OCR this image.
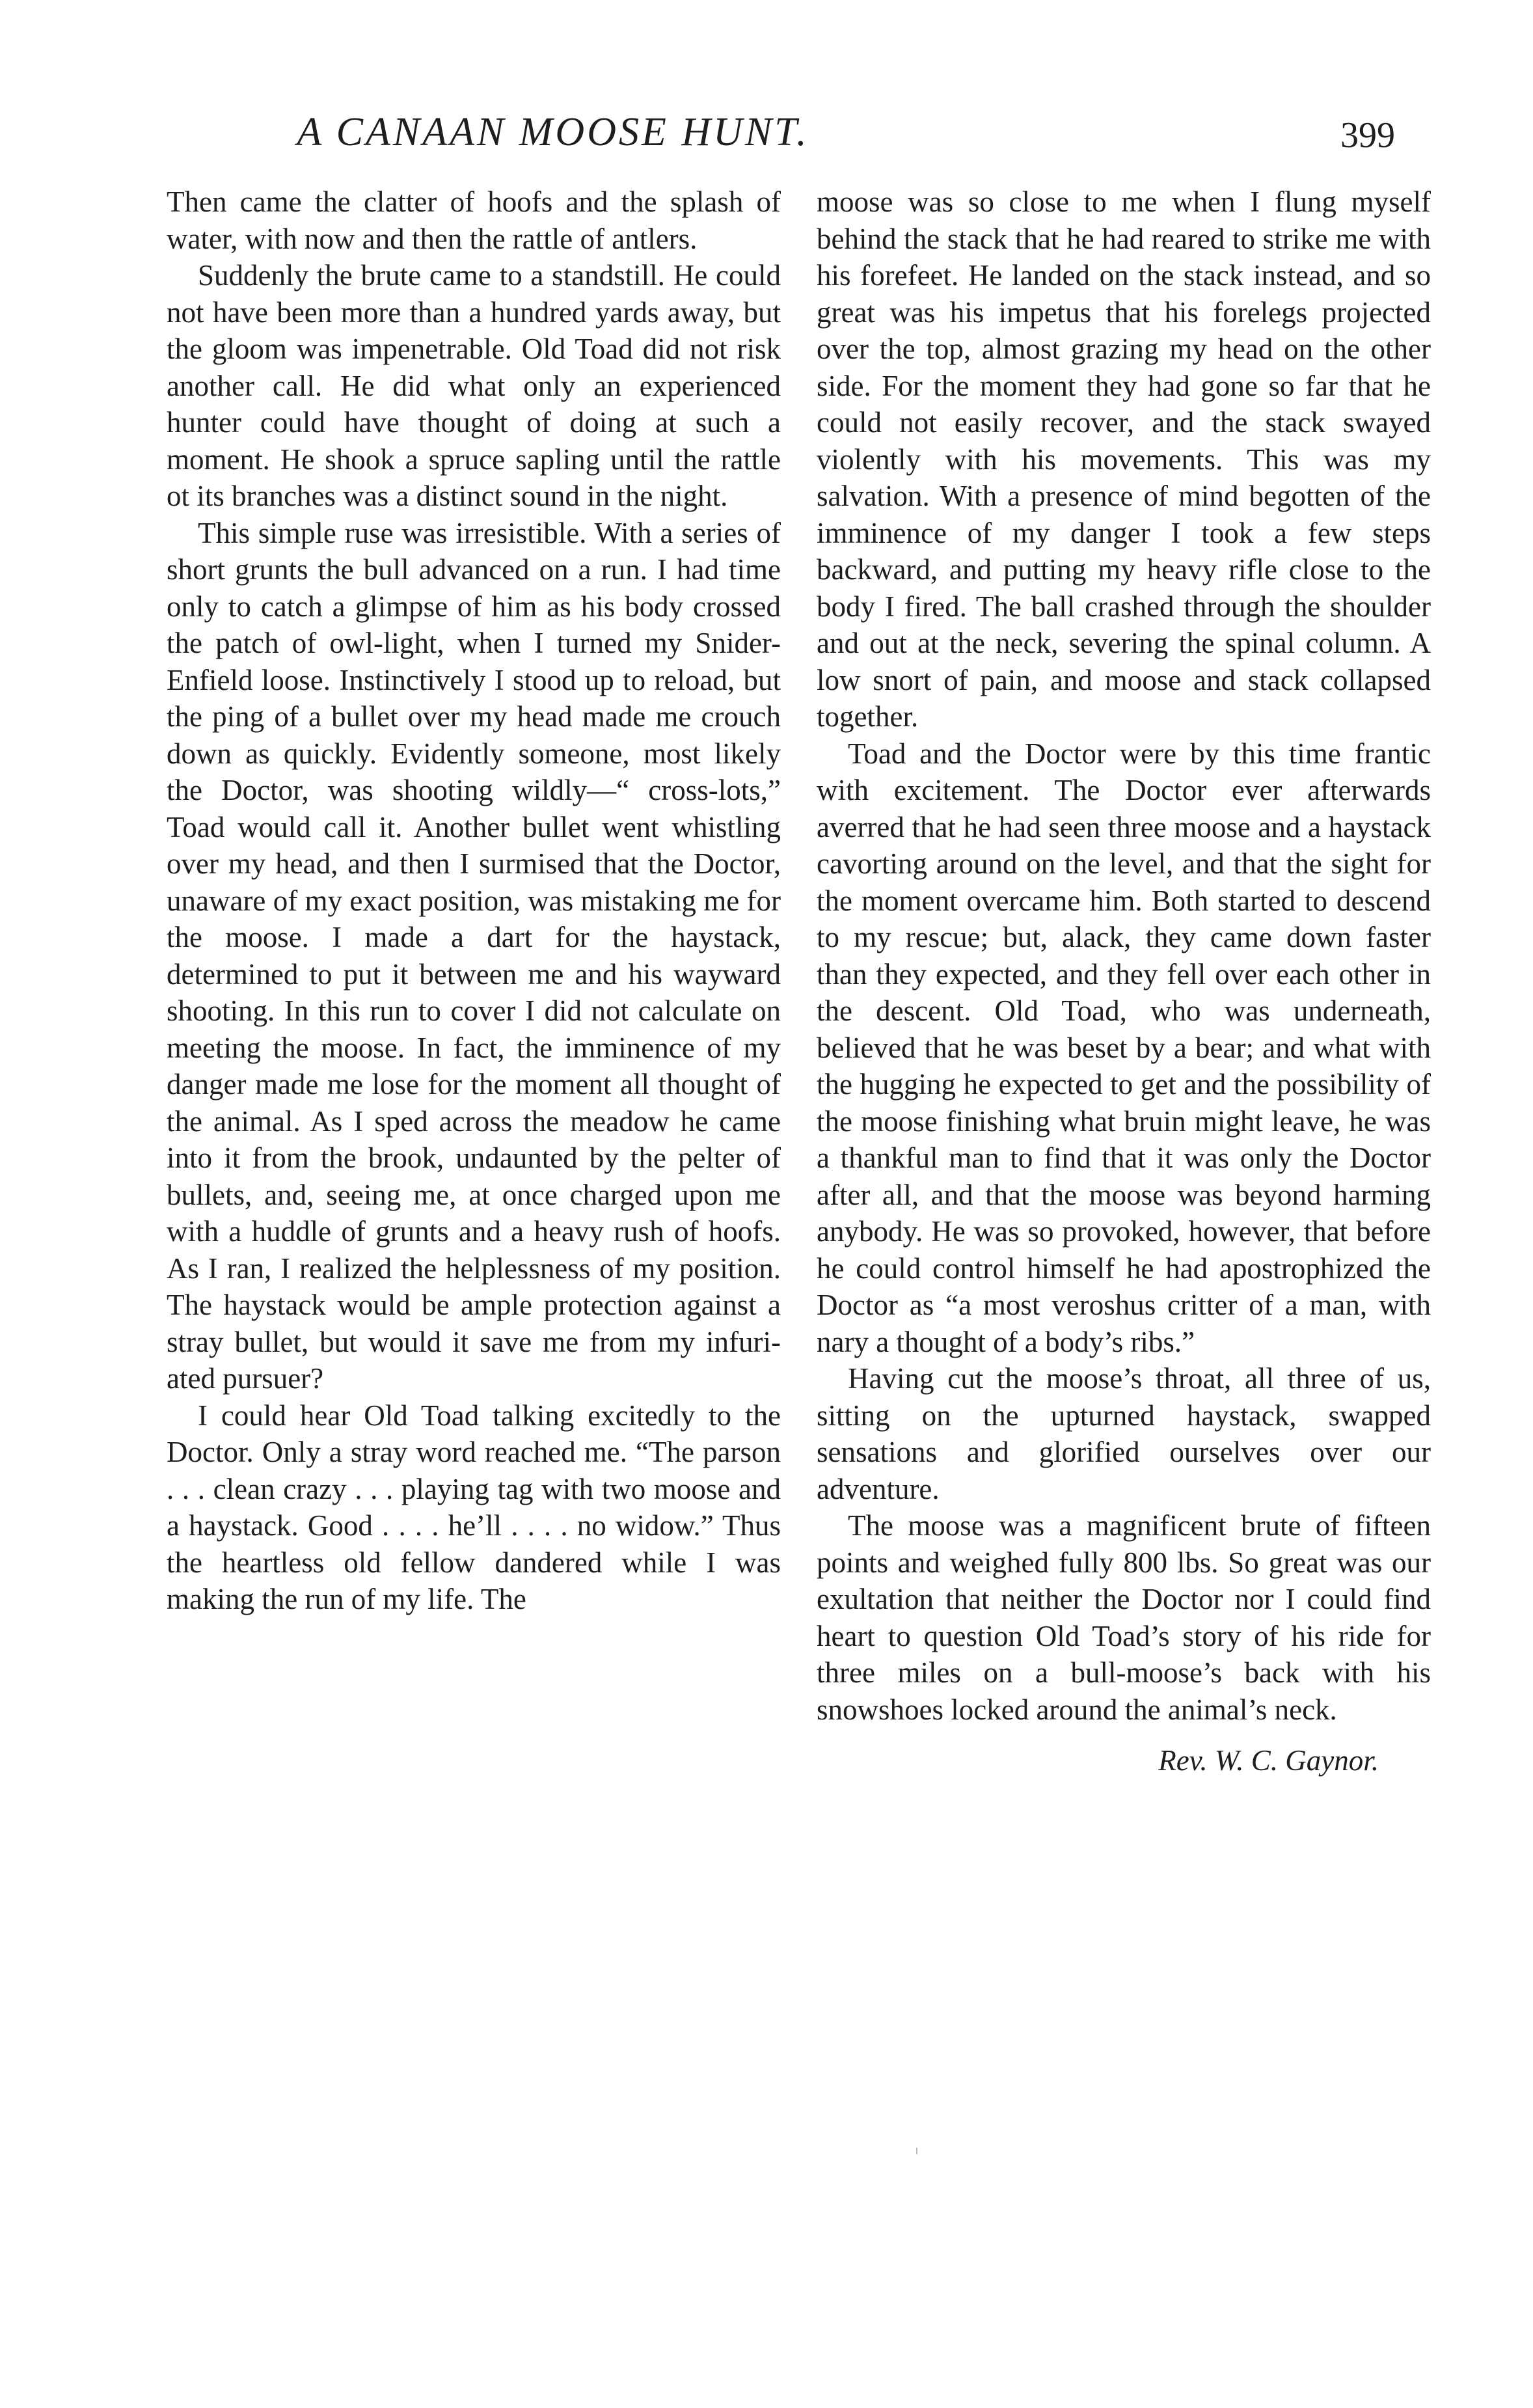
A CANAAN MOOSE HUNT.	399

Then came the clatter of hoofs and the splash of water, with now and then the rattle of antlers.

Suddenly the brute came to a standstill. He could not have been more than a hundred yards away, but the gloom was impenetrable. Old Toad did not risk another call. He did what only an experienced hunter could have thought of doing at such a moment. He shook a spruce sapling until the rattle ot its branches was a distinct sound in the night.

This simple ruse was irresistible. With a series of short grunts the bull advanced on a run. I had time only to catch a glimpse of him as his body crossed the patch of owl-light, when I turned my Snider-Enfield loose. Instinctively I stood up to reload, but the ping of a bullet over my head made me crouch down as quickly. Evidently someone, most likely the Doctor, was shooting wildly—“ cross-lots,” Toad would call it. Another bullet went whistling over my head, and then I surmised that the Doctor, unaware of my exact position, was mistaking me for the moose. I made a dart for the haystack, determined to put it between me and his wayward shooting. In this run to cover I did not calculate on meeting the moose. In fact, the imminence of my danger made me lose for the moment all thought of the animal. As I sped across the meadow he came into it from the brook, undaunted by the pelter of bullets, and, seeing me, at once charged upon me with a huddle of grunts and a heavy rush of hoofs. As I ran, I realized the helplessness of my position. The haystack would be ample protection against a stray bullet, but would it save me from my infuriated pursuer?

I could hear Old Toad talking excitedly to the Doctor. Only a stray word reached me. “The parson . . . clean crazy . . . playing tag with two moose and a haystack. Good . . . . he’ll . . . . no widow.” Thus the heartless old fellow dandered while I was making the run of my life. The

moose was so close to me when I flung myself behind the stack that he had reared to strike me with his forefeet. He landed on the stack instead, and so great was his impetus that his forelegs projected over the top, almost grazing my head on the other side. For the moment they had gone so far that he could not easily recover, and the stack swayed violently with his movements. This was my salvation. With a presence of mind begotten of the imminence of my danger I took a few steps backward, and putting my heavy rifle close to the body I fired. The ball crashed through the shoulder and out at the neck, severing the spinal column. A low snort of pain, and moose and stack collapsed together.

Toad and the Doctor were by this time frantic with excitement. The Doctor ever afterwards averred that he had seen three moose and a haystack cavorting around on the level, and that the sight for the moment overcame him. Both started to descend to my rescue; but, alack, they came down faster than they expected, and they fell over each other in the descent. Old Toad, who was underneath, believed that he was beset by a bear; and what with the hugging he expected to get and the possibility of the moose finishing what bruin might leave, he was a thankful man to find that it was only the Doctor after all, and that the moose was beyond harming anybody. He was so provoked, however, that before he could control himself he had apostrophized the Doctor as “a most veroshus critter of a man, with nary a thought of a body’s ribs.”

Having cut the moose’s throat, all three of us, sitting on the upturned haystack, swapped sensations and glorified ourselves over our adventure.

The moose was a magnificent brute of fifteen points and weighed fully 800 lbs. So great was our exultation that neither the Doctor nor I could find heart to question Old Toad’s story of his ride for three miles on a bull-moose’s back with his snowshoes locked around the animal’s neck.

Rev. W. C. Gaynor.
